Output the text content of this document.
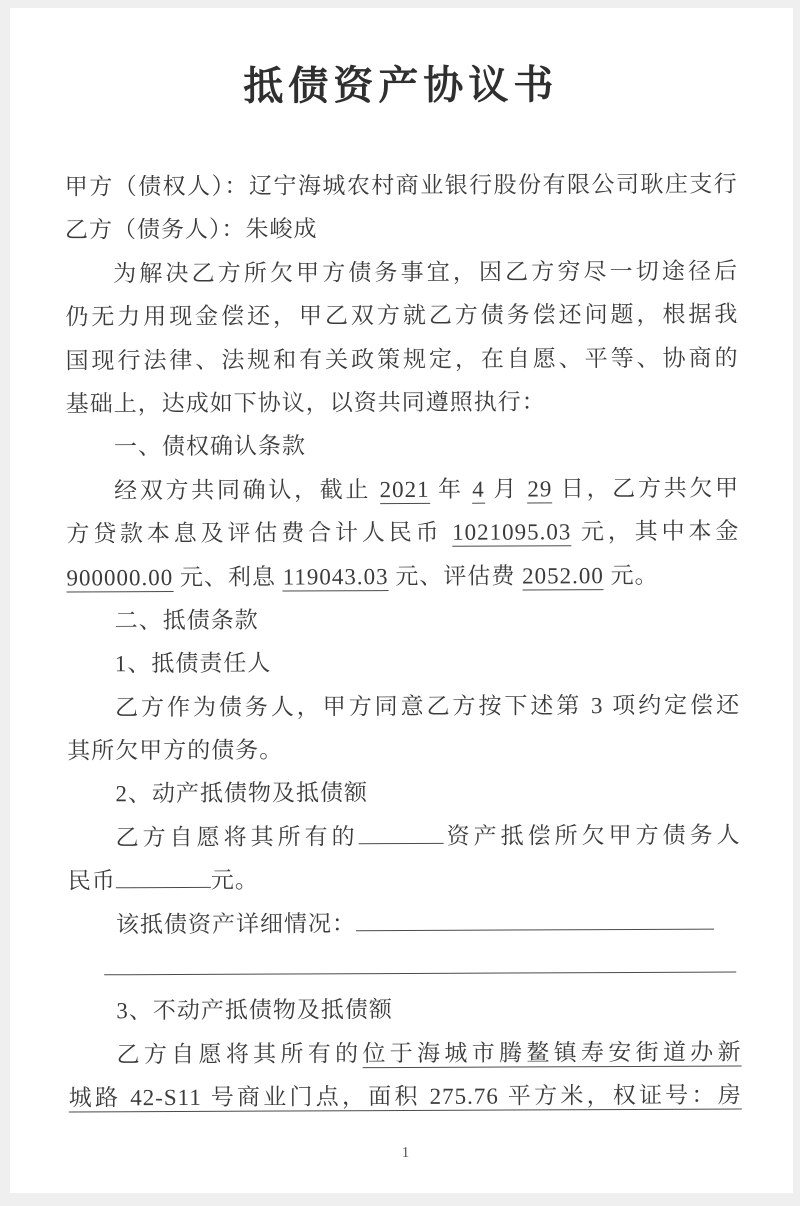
抵债资产协议书
甲方（债权人）：辽宁海城农村商业银行股份有限公司耿庄支行
乙方（债务人）：朱峻成
为解决乙方所欠甲方债务事宜，因乙方穷尽一切途径后
仍无力用现金偿还，甲乙双方就乙方债务偿还问题，根据我
国现行法律、法规和有关政策规定，在自愿、平等、协商的
基础上，达成如下协议，以资共同遵照执行：
一、债权确认条款
经双方共同确认，截止 2021 年 4 月 29 日，乙方共欠甲
方贷款本息及评估费合计人民币 1021095.03 元，其中本金
900000.00 元、利息 119043.03 元、评估费 2052.00 元。
二、抵债条款
1、抵债责任人
乙方作为债务人，甲方同意乙方按下述第 3 项约定偿还
其所欠甲方的债务。
2、动产抵债物及抵债额
乙方自愿将其所有的	资产抵偿所欠甲方债务人
民币	元。
该抵债资产详细情况：
3、不动产抵债物及抵债额
乙方自愿将其所有的位于海城市腾鳌镇寿安街道办新
城路 42-S11 号商业门点，面积 275.76 平方米，权证号：房
1
